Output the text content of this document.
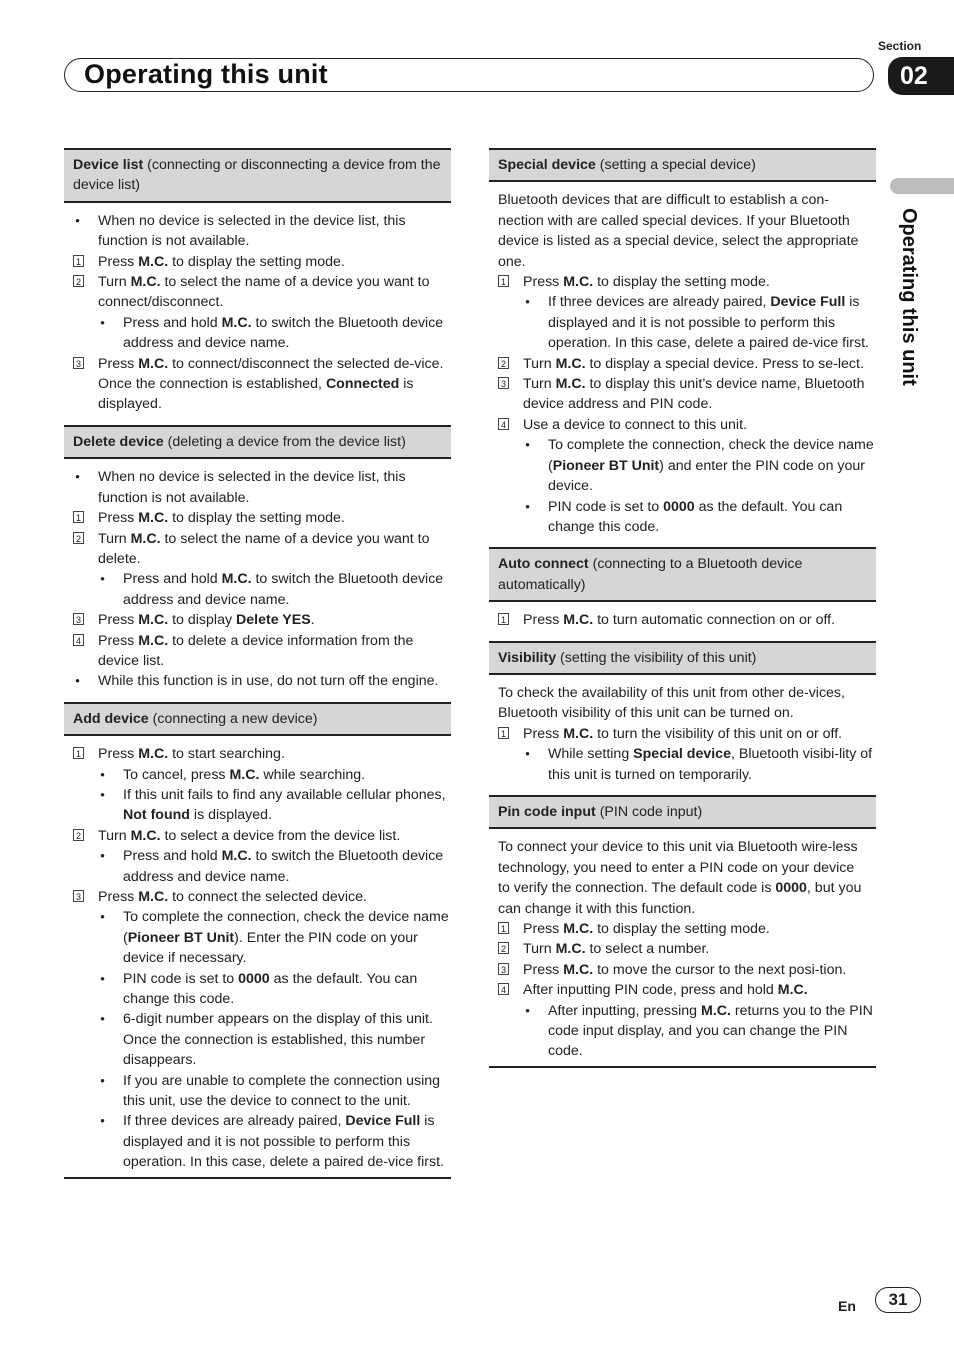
Section
Operating this unit	02
Operating this unit
Device list (connecting or disconnecting a device from the device list)
• When no device is selected in the device list, this function is not available.
1 Press M.C. to display the setting mode.
2 Turn M.C. to select the name of a device you want to connect/disconnect.
• Press and hold M.C. to switch the Bluetooth device address and device name.
3 Press M.C. to connect/disconnect the selected de-vice.
Once the connection is established, Connected is displayed.
Delete device (deleting a device from the device list)
• When no device is selected in the device list, this function is not available.
1 Press M.C. to display the setting mode.
2 Turn M.C. to select the name of a device you want to delete.
• Press and hold M.C. to switch the Bluetooth device address and device name.
3 Press M.C. to display Delete YES.
4 Press M.C. to delete a device information from the device list.
• While this function is in use, do not turn off the engine.
Add device (connecting a new device)
1 Press M.C. to start searching.
• To cancel, press M.C. while searching.
• If this unit fails to find any available cellular phones, Not found is displayed.
2 Turn M.C. to select a device from the device list.
• Press and hold M.C. to switch the Bluetooth device address and device name.
3 Press M.C. to connect the selected device.
• To complete the connection, check the device name (Pioneer BT Unit). Enter the PIN code on your device if necessary.
• PIN code is set to 0000 as the default. You can change this code.
• 6-digit number appears on the display of this unit. Once the connection is established, this number disappears.
• If you are unable to complete the connection using this unit, use the device to connect to the unit.
• If three devices are already paired, Device Full is displayed and it is not possible to perform this operation. In this case, delete a paired de-vice first.
Special device (setting a special device)
Bluetooth devices that are difficult to establish a con-nection with are called special devices. If your Bluetooth device is listed as a special device, select the appropriate one.
1 Press M.C. to display the setting mode.
• If three devices are already paired, Device Full is displayed and it is not possible to perform this operation. In this case, delete a paired de-vice first.
2 Turn M.C. to display a special device. Press to se-lect.
3 Turn M.C. to display this unit’s device name, Bluetooth device address and PIN code.
4 Use a device to connect to this unit.
• To complete the connection, check the device name (Pioneer BT Unit) and enter the PIN code on your device.
• PIN code is set to 0000 as the default. You can change this code.
Auto connect (connecting to a Bluetooth device automatically)
1 Press M.C. to turn automatic connection on or off.
Visibility (setting the visibility of this unit)
To check the availability of this unit from other de-vices, Bluetooth visibility of this unit can be turned on.
1 Press M.C. to turn the visibility of this unit on or off.
• While setting Special device, Bluetooth visibi-lity of this unit is turned on temporarily.
Pin code input (PIN code input)
To connect your device to this unit via Bluetooth wire-less technology, you need to enter a PIN code on your device to verify the connection. The default code is 0000, but you can change it with this function.
1 Press M.C. to display the setting mode.
2 Turn M.C. to select a number.
3 Press M.C. to move the cursor to the next posi-tion.
4 After inputting PIN code, press and hold M.C.
• After inputting, pressing M.C. returns you to the PIN code input display, and you can change the PIN code.
En	31
